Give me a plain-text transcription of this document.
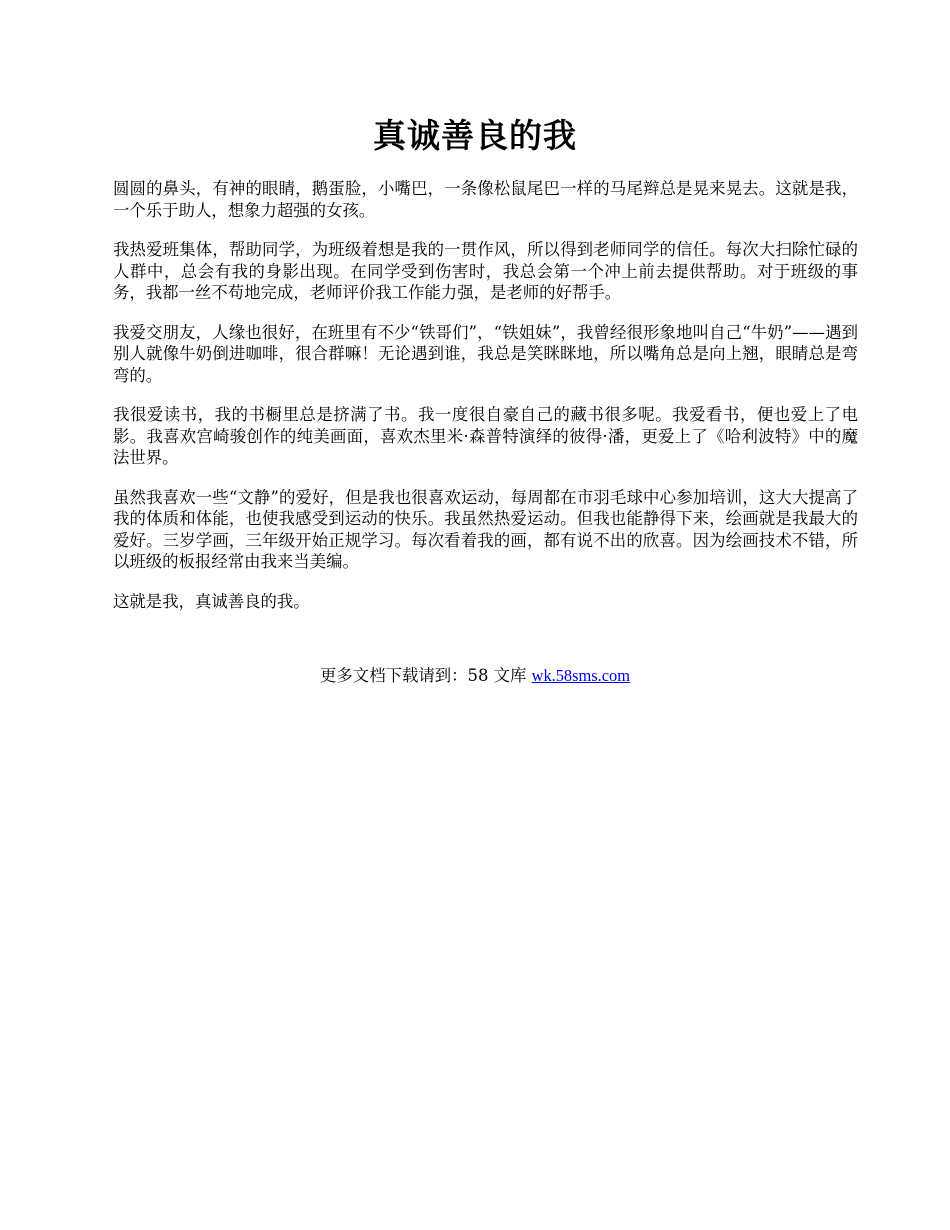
真诚善良的我

圆圆的鼻头，有神的眼睛，鹅蛋脸，小嘴巴，一条像松鼠尾巴一样的马尾辫总是晃来晃去。这就是我，一个乐于助人，想象力超强的女孩。

我热爱班集体，帮助同学，为班级着想是我的一贯作风，所以得到老师同学的信任。每次大扫除忙碌的人群中，总会有我的身影出现。在同学受到伤害时，我总会第一个冲上前去提供帮助。对于班级的事务，我都一丝不苟地完成，老师评价我工作能力强，是老师的好帮手。

我爱交朋友，人缘也很好，在班里有不少“铁哥们”，“铁姐妹”，我曾经很形象地叫自己“牛奶”——遇到别人就像牛奶倒进咖啡，很合群嘛！无论遇到谁，我总是笑眯眯地，所以嘴角总是向上翘，眼睛总是弯弯的。

我很爱读书，我的书橱里总是挤满了书。我一度很自豪自己的藏书很多呢。我爱看书，便也爱上了电影。我喜欢宫崎骏创作的纯美画面，喜欢杰里米·森普特演绎的彼得·潘，更爱上了《哈利波特》中的魔法世界。

虽然我喜欢一些“文静”的爱好，但是我也很喜欢运动，每周都在市羽毛球中心参加培训，这大大提高了我的体质和体能，也使我感受到运动的快乐。我虽然热爱运动。但我也能静得下来，绘画就是我最大的爱好。三岁学画，三年级开始正规学习。每次看着我的画，都有说不出的欣喜。因为绘画技术不错，所以班级的板报经常由我来当美编。

这就是我，真诚善良的我。

更多文档下载请到：58 文库 wk.58sms.com
